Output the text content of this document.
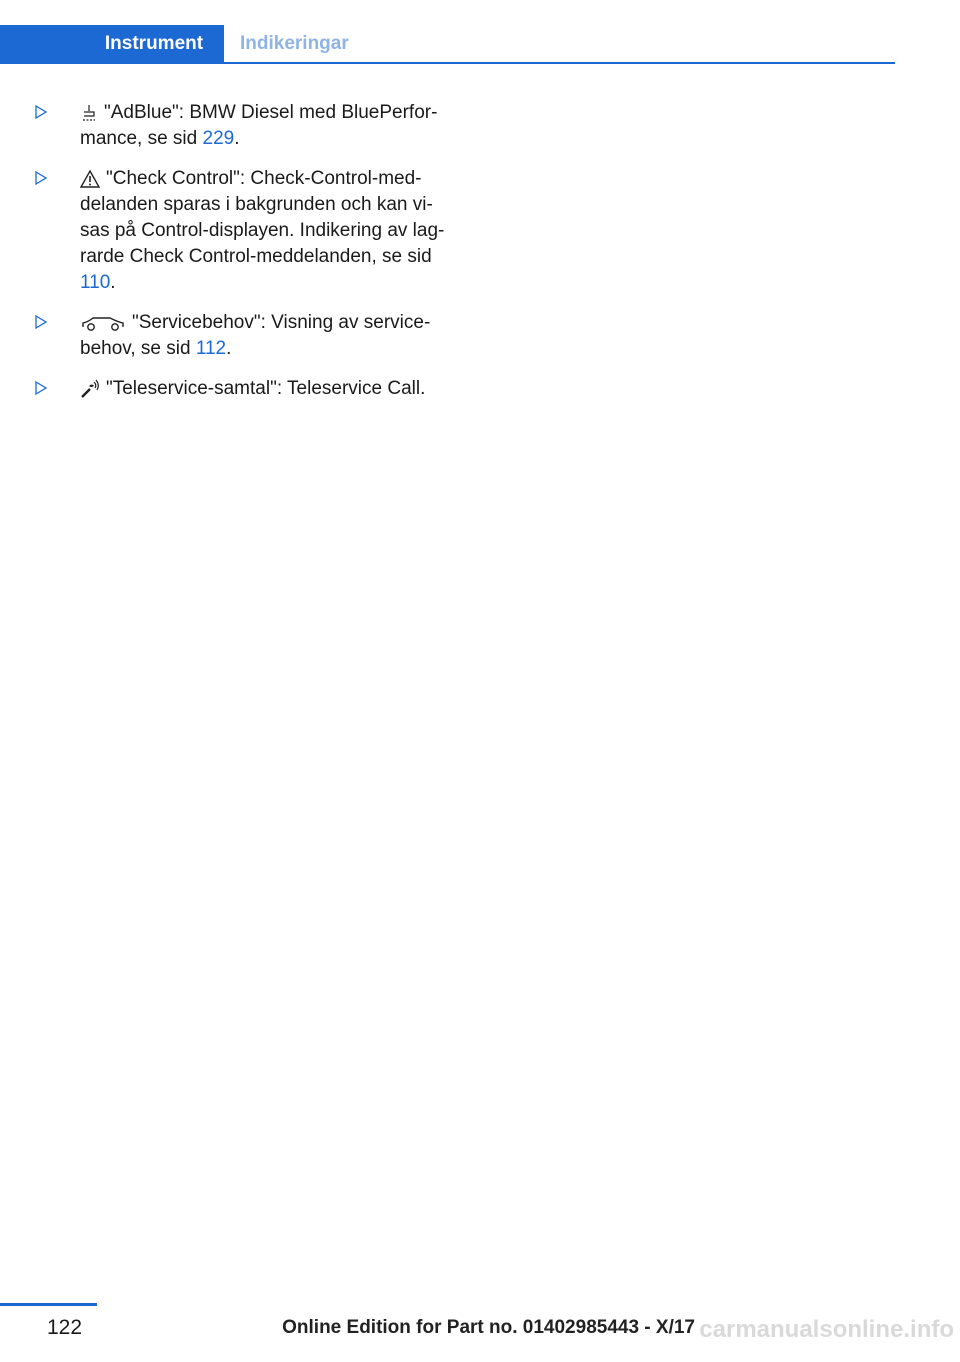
Instrument	Indikeringar
"AdBlue": BMW Diesel med BluePerfor-mance, se sid 229.
"Check Control": Check-Control-med-delanden sparas i bakgrunden och kan vi-sas på Control-displayen. Indikering av lag-rarde Check Control-meddelanden, se sid 110.
"Servicebehov": Visning av service-behov, se sid 112.
"Teleservice-samtal": Teleservice Call.
122	Online Edition for Part no. 01402985443 - X/17 carmanualsonline.info
